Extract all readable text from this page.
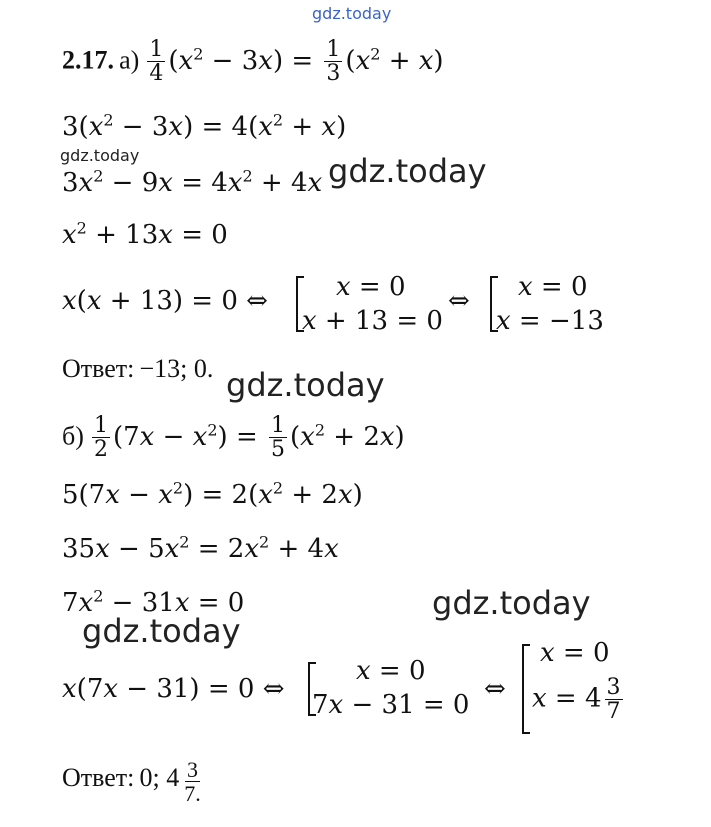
gdz.today
2.17. $а) \frac{1}{4} (x^2 - 3x) = \frac{1}{3} (x^2 + x)$
$3(x^2 - 3x) = 4(x^2 + x)$
gdz.today
$3x^2 - 9x = 4x^2 + 4x$ gdz.today
$x^2 + 13x = 0$
x(x + 13) = 0 ⇔	x = 0
x + 13 = 0
⇔ x = 0
x = −13
Ответ: −13; 0. gdz.today
$б) \frac{1}{2} (7x - x^2) = \frac{1}{5} (x^2 + 2x)$
$5(7x - x^2) = 2(x^2 + 2x)$
$35x - 5x^2 = 2x^2 + 4x$
$7x^2 - 31x = 0$	gdz.today
gdz.today
x(7x − 31) = 0 ⇔
x = 0
7x − 31 = 0
⇔
x = 0
$x = 4 \frac{3}{7}$
Ответ: 0; $4 \frac{3}{7.}$
